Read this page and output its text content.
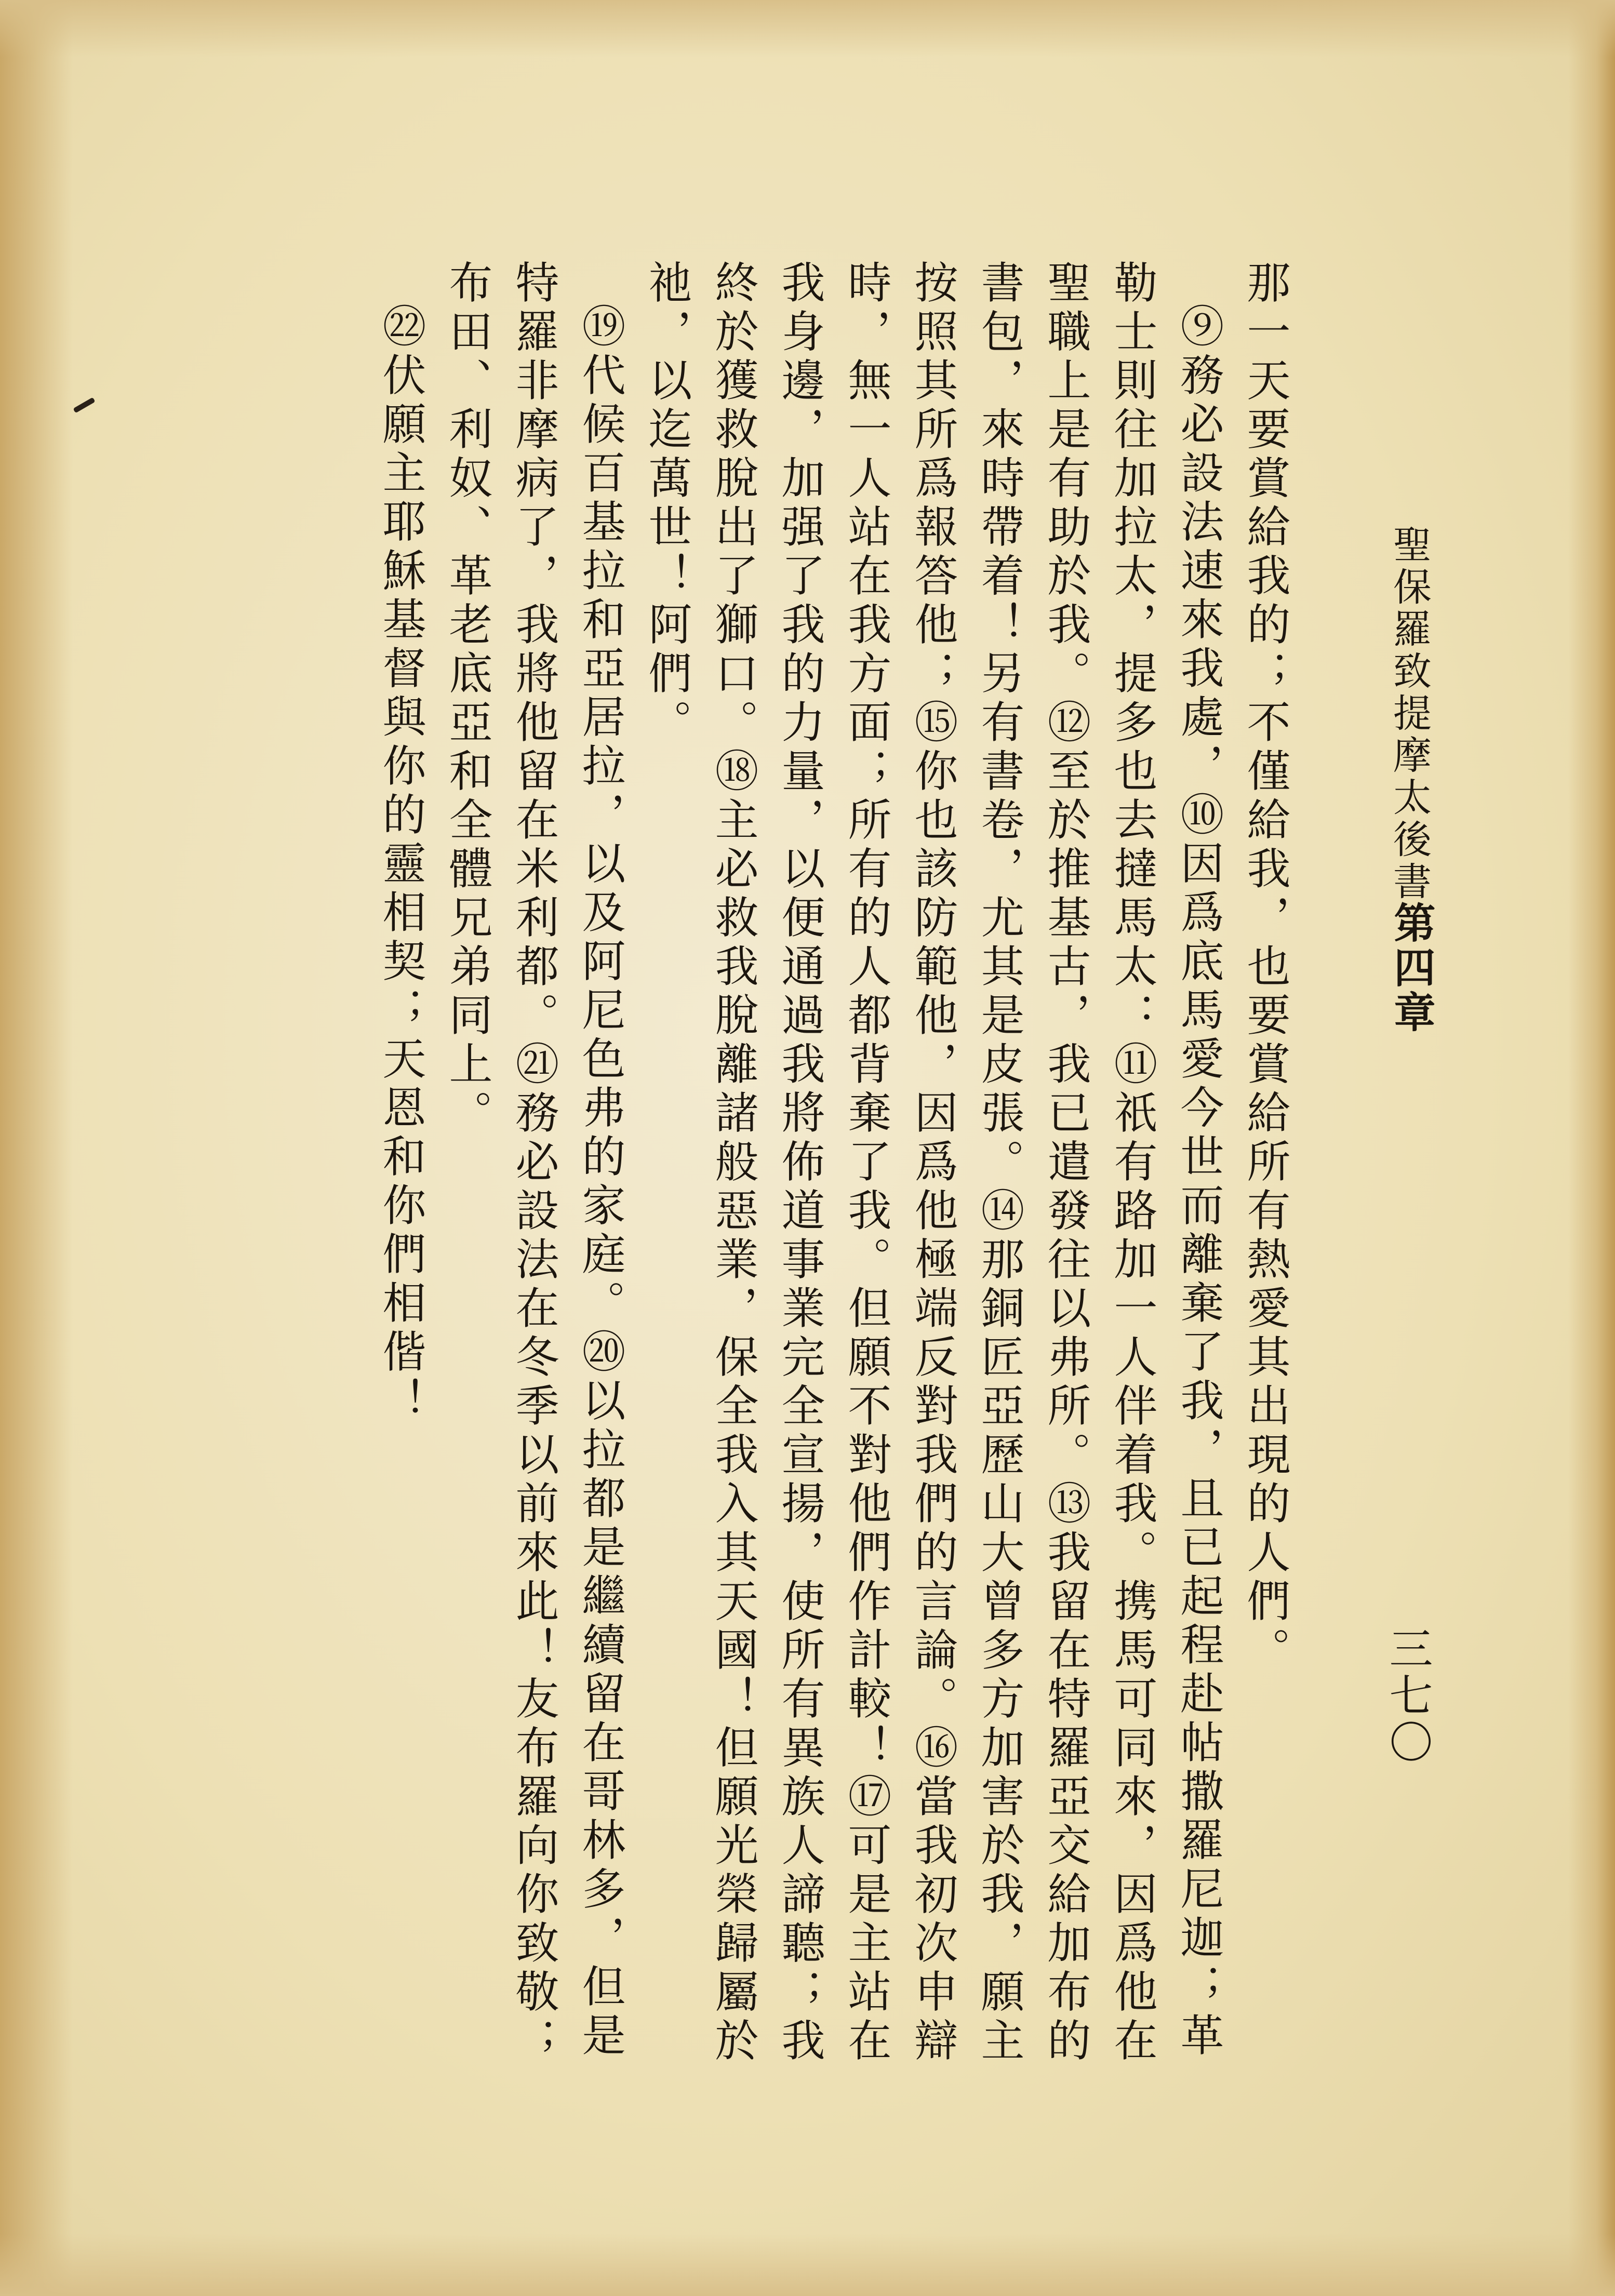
聖保羅致提摩太後書
第四章
三七〇

那一天要賞給我的；不僅給我，也要賞給所有熱愛其出現的人們。

⑨務必設法速來我處，⑩因爲底馬愛今世而離棄了我，且已起程赴帖撒羅尼迦；革勒士則往加拉太，提多也去撻馬太：⑪祇有路加一人伴着我。携馬可同來，因爲他在聖職上是有助於我。⑫至於推基古，我已遣發往以弗所。⑬我留在特羅亞交給加布的書包，來時帶着！另有書卷，尤其是皮張。⑭那銅匠亞歷山大曾多方加害於我，願主按照其所爲報答他；⑮你也該防範他，因爲他極端反對我們的言論。⑯當我初次申辯時，無一人站在我方面；所有的人都背棄了我。但願不對他們作計較！⑰可是主站在我身邊，加强了我的力量，以便通過我將佈道事業完全宣揚，使所有異族人諦聽；我終於獲救脫出了獅口。⑱主必救我脫離諸般惡業，保全我入其天國！但願光榮歸屬於祂，以迄萬世！阿們。

⑲代候百基拉和亞居拉，以及阿尼色弗的家庭。⑳以拉都是繼續留在哥林多，但是特羅非摩病了，我將他留在米利都。㉑務必設法在冬季以前來此！友布羅向你致敬；布田、利奴、革老底亞和全體兄弟同上。

㉒伏願主耶穌基督與你的靈相契；天恩和你們相偕！
